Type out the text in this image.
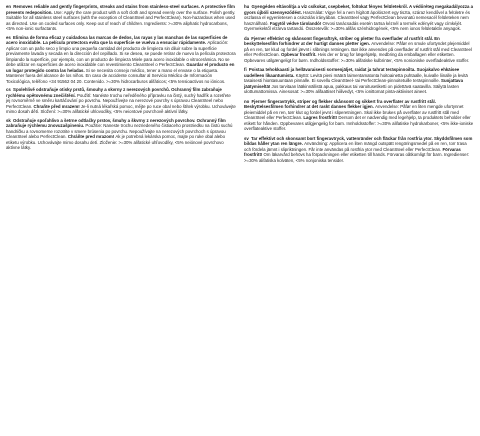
en Removes reliable and gently fingerprints, streaks and stains from stainless-steel surfaces. A protective film prevents redeposition. Use: Apply the care product with a soft cloth and spread evenly over the surface. Polish gently. Suitable for all stainless steel surfaces (with the exception of CleanSteel and PerfectClean). Non-hazardous when used as directed. Use on cooled surfaces only. Keep out of reach of children. Ingredients: >=30% aliphatic hydrocarbons, <5% non-ionic surfactants.

es Elimina de forma eficaz y cuidadosa las marcas de dedos, las rayas y las manchas de las superficies de acero inoxidable. La película protectora evita que la superficie se vuelva a ensuciar rápidamente. Aplicación: Aplicar con un paño seco y limpio una pequeña cantidad del producto de limpieza sin diluir sobre la superficie previamente lavada y secada en la dirección del cepillado. Si se desea, se puede retirar de nuevo la película protectora limpiando la superficie, por ejemplo, con un producto de limpieza Miele para acero inoxidable o vitrocerámica. No se debe utilizar en superficies de acero inoxidable con revestimiento CleanSteel o PerfectClean. Guardar el producto en un lugar protegido contra las heladas. Si se necesita consejo médico, tener a mano el envase o la etiqueta. Mantener fuera del alcance de los niños. En caso de accidente consultar al Servicio Médico de Información Toxicológica, teléfono +34 91562 04 20. Contenido. >=30% hidrocarburos alifáticos; <5% tensioactivos no iónicos.

cs Spolehlivě odstraňuje otisky prstů, šmouhy a skvrny z nerezových povrchů. Ochranný film zabraňuje rychlému opětovnému znečištění. Použití: Nanéste trochu neředěného přípravku na čistý, suchý hadřík a rozetřete jej rovnoměrně ve směru kartáčování po povrchu. Nepoužívejte na nerezové povrchy s úpravou CleanSteel nebo PerfectClean. Chraňte před mrazem! Je-li nutná lékařská pomoc, mějte po ruce obal nebo štítek výrobku. Uchovávejte mimo dosah dětí. Složení: >=30% alifatické uhlovodíky, <5% neiontové povrchově aktivní látky.

sk Odstraňuje spoľahlivo a šetrne odtlačky prstov, šmuhy a škvrny z nerezových povrchov. Ochranný film zabraňuje rýchlemu znovuzašpineniu. Použitie: Naneste trochu nezriedeného čistiaceho prostriedku na čistú suchú handričku a rovnomerne rozotrite v smere brúsenia po povrchu. Nepoužívajte na nerezových povrchoch s úpravou CleanSteel alebo PerfectClean. Chráňte pred mrazom! Ak je potrebná lekárska pomoc, majte po ruke obal alebo etiketu výrobku. Uchovávajte mimo dosahu detí. Zloženie: >=30% alifatické uhľovodíky, <5% neiónové povrchovo aktívne látky.

hu Gyengéden eltávolítja a víz csíkokat, csepbeket, foltokat fényes felületekről. A védőréteg megakadályozza a gyors újbóli szennyeződést. Használat: Vigye fel a nem hígított ápolószert egy tiszta, száraz kendővel a felületre és oszlassa el egyenletesen a csiszolás irányában. CleanSteel vagy PerfectClean bevonatú nemesacél felületeken nem használható. Fagytól védve tárolandó! Orvosi tanácsadás esetén tartsa kéznél a termék edényét vagy címkéjét. Gyermekektől elzárva tartandó. Összetevők: >=30% alifás szénhidrogének, <5% nem ionos felületaktív anyagok.

da Fjerner effektivt og skånsomt fingeraftryk, striber og pletter fra overflader af rustfrit stål. En beskyttelsesfilm forhindrer at der hurtigt dannes pletter igen. Anvendelse: Påfør en smule ufortyndet plejemiddel på en ren, tør klud og fordel jævnt i slibnings retningen. Bør ikke anvendes på overflader af rustfrit stål med CleanSteel eller PerfectClean. Opbevar frostfrit. Hvis der er brug for lægehjælp, medbring da emballagen eller etiketten. Opbevares utilgængeligt for børn. Indholdsstoffer: >=30% alifatiske kulbrinter, <5% nonioniske overfladeaktive stoffer.

fi Poistaa tehokkaasti ja hellävaraisesti sormenjäljet, raidat ja tahrat teräspinnoilta. Suojakalvo ehkäisee uudelleen likaantumista. Käyttö: Levitä pieni määrä laimentamatonta hoitoainetta puhtaalle, kuivalle liinalle ja levitä tasaisesti hiontasuuntaan pinnalle. Ei sovellu CleanSteel- tai PerfectClean-pinnoitetuille teräspinnoille. Suojattava jäätymiseltä! Jos tarvitaan lääkinnällistä apua, pakkaus tai varoitusetiketti on pidettävä saatavilla. Säilytä lasten ulottumattomissa. Ainesosat: >=30% alifaattiset hiilivedyt, <5% ionittomat pinta-aktiiviset aineet.

no Fjerner fingeravtrykk, striper og flekker skånsomt og sikkert fra overflater av rustfritt stål. Beskyttelsesfilmen forhindrer at det raskt dannes flekker igjen. Anvendelse: Påfør en liten mengde ufortynnet pleiemiddel på en ren, tørr klut og fordel jevnt i sliperetningen. Skal ikke brukes på overflater av rustfritt stål med CleanSteel eller PerfectClean. Lagres frostfritt! Dersom det er nødvendig med legehjelp, ta produktets beholder eller etikett for hånden. Oppbevares utilgjengelig for barn. Innholdsstoffer: >=30% alifatiske hydrokarboner, <5% ikke-ioniske overflateaktive stoffer.

sv Tar effektivt och skonsamt bort fingeravtryck, vattenränder och fläckar från rostfria ytor. Skyddsfilmen som bildas håller ytan ren längre. Användning: Applicera en liten mängd outspätt rengöringsmedel på en ren, torr trasa och fördela jämnt i slipriktningen. Får inte användas på rostfria ytor med CleanSteel eller PerfectClean. Förvaras frostfritt! Om läkarvård behövs ha förpackningen eller etiketten till hands. Förvaras oåtkomligt för barn. Ingredienser: >=30% alifatiska kolväten, <5% nonjoniska tensider.
